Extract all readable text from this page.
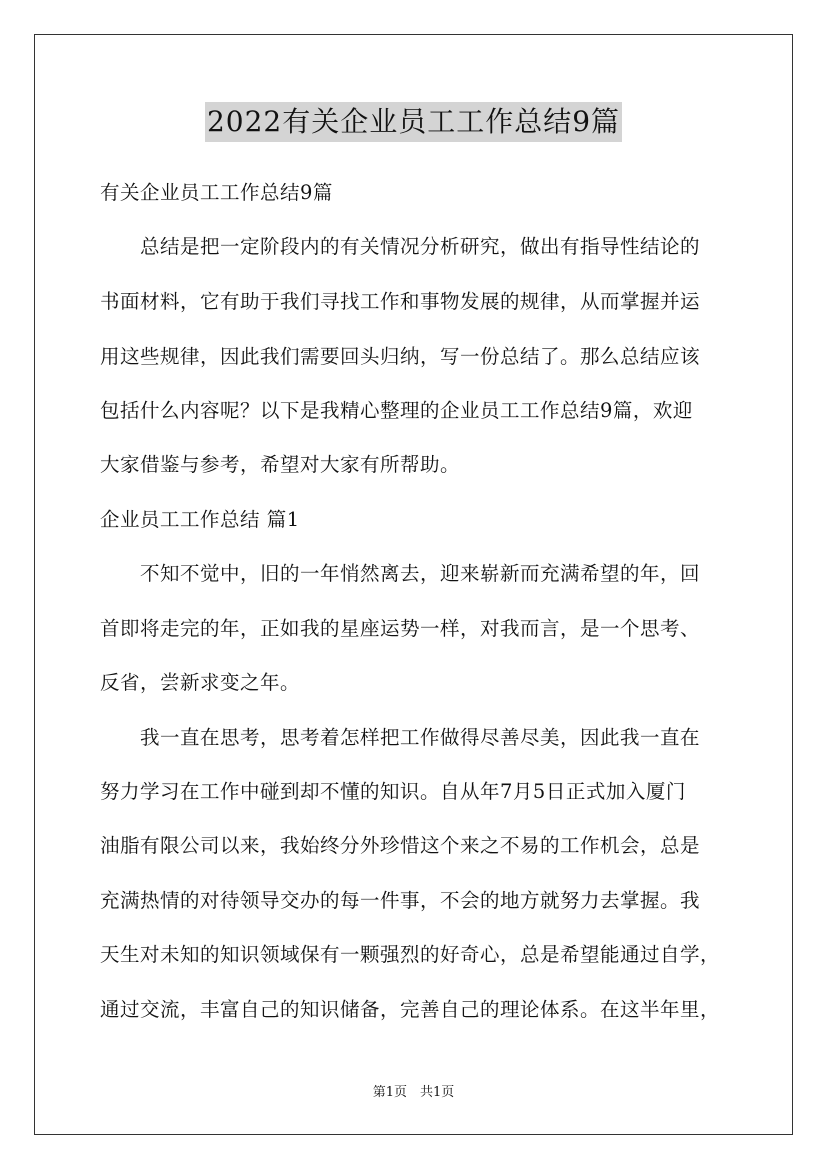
2022有关企业员工工作总结9篇
有关企业员工工作总结9篇
　　总结是把一定阶段内的有关情况分析研究，做出有指导性结论的
书面材料，它有助于我们寻找工作和事物发展的规律，从而掌握并运
用这些规律，因此我们需要回头归纳，写一份总结了。那么总结应该
包括什么内容呢？以下是我精心整理的企业员工工作总结9篇，欢迎
大家借鉴与参考，希望对大家有所帮助。
企业员工工作总结 篇1
　　不知不觉中，旧的一年悄然离去，迎来崭新而充满希望的年，回
首即将走完的年，正如我的星座运势一样，对我而言，是一个思考、
反省，尝新求变之年。
　　我一直在思考，思考着怎样把工作做得尽善尽美，因此我一直在
努力学习在工作中碰到却不懂的知识。自从年7月5日正式加入厦门
油脂有限公司以来，我始终分外珍惜这个来之不易的工作机会，总是
充满热情的对待领导交办的每一件事，不会的地方就努力去掌握。我
天生对未知的知识领域保有一颗强烈的好奇心，总是希望能通过自学，
通过交流，丰富自己的知识储备，完善自己的理论体系。在这半年里，
第1页　共1页
